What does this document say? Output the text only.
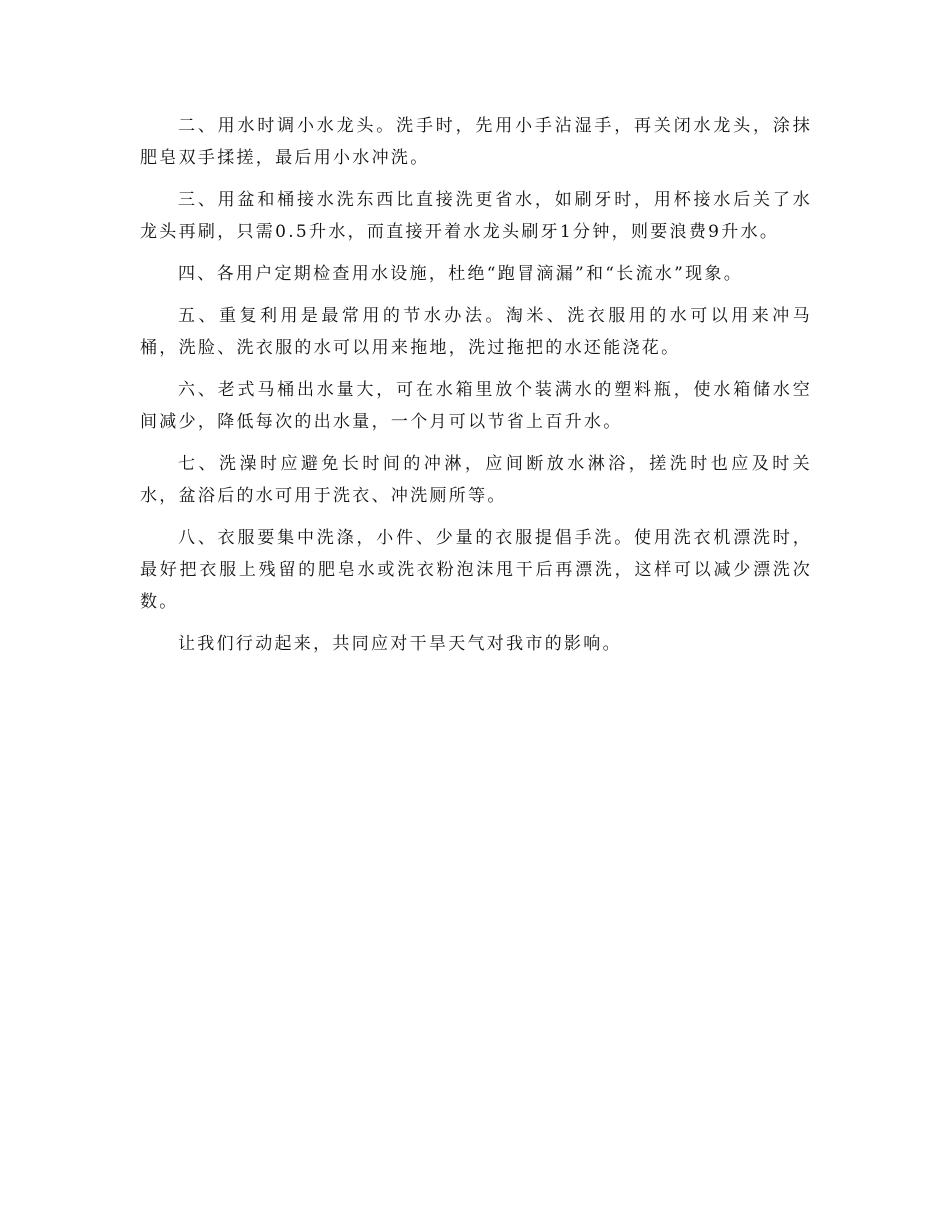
二、用水时调小水龙头。洗手时，先用小手沾湿手，再关闭水龙头，涂抹肥皂双手揉搓，最后用小水冲洗。

三、用盆和桶接水洗东西比直接洗更省水，如刷牙时，用杯接水后关了水龙头再刷，只需0.5升水，而直接开着水龙头刷牙1分钟，则要浪费9升水。

四、各用户定期检查用水设施，杜绝“跑冒滴漏”和“长流水”现象。

五、重复利用是最常用的节水办法。淘米、洗衣服用的水可以用来冲马桶，洗脸、洗衣服的水可以用来拖地，洗过拖把的水还能浇花。

六、老式马桶出水量大，可在水箱里放个装满水的塑料瓶，使水箱储水空间减少，降低每次的出水量，一个月可以节省上百升水。

七、洗澡时应避免长时间的冲淋，应间断放水淋浴，搓洗时也应及时关水，盆浴后的水可用于洗衣、冲洗厕所等。

八、衣服要集中洗涤，小件、少量的衣服提倡手洗。使用洗衣机漂洗时，最好把衣服上残留的肥皂水或洗衣粉泡沫甩干后再漂洗，这样可以减少漂洗次数。

让我们行动起来，共同应对干旱天气对我市的影响。
